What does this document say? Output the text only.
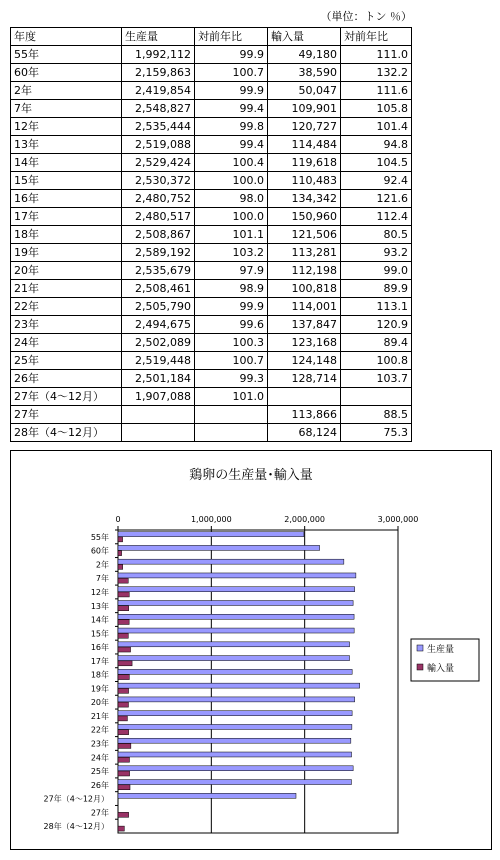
（単位：トン ％）
年度	生産量	対前年比	輸入量	対前年比
55年	1,992,112	99.9	49,180	111.0
60年	2,159,863	100.7	38,590	132.2
2年	2,419,854	99.9	50,047	111.6
7年	2,548,827	99.4	109,901	105.8
12年	2,535,444	99.8	120,727	101.4
13年	2,519,088	99.4	114,484	94.8
14年	2,529,424	100.4	119,618	104.5
15年	2,530,372	100.0	110,483	92.4
16年	2,480,752	98.0	134,342	121.6
17年	2,480,517	100.0	150,960	112.4
18年	2,508,867	101.1	121,506	80.5
19年	2,589,192	103.2	113,281	93.2
20年	2,535,679	97.9	112,198	99.0
21年	2,508,461	98.9	100,818	89.9
22年	2,505,790	99.9	114,001	113.1
23年	2,494,675	99.6	137,847	120.9
24年	2,502,089	100.3	123,168	89.4
25年	2,519,448	100.7	124,148	100.8
26年	2,501,184	99.3	128,714	103.7
27年（4～12月）	1,907,088	101.0		
27年			113,866	88.5
28年（4～12月）			68,124	75.3
鶏卵の生産量･輸入量
0	1,000,000	2,000,000	3,000,000
55年
60年
2年
7年
12年
13年
14年
15年
16年
17年
18年
19年
20年
21年
22年
23年
24年
25年
26年
27年（4～12月）
27年
28年（4～12月）
生産量
輸入量
